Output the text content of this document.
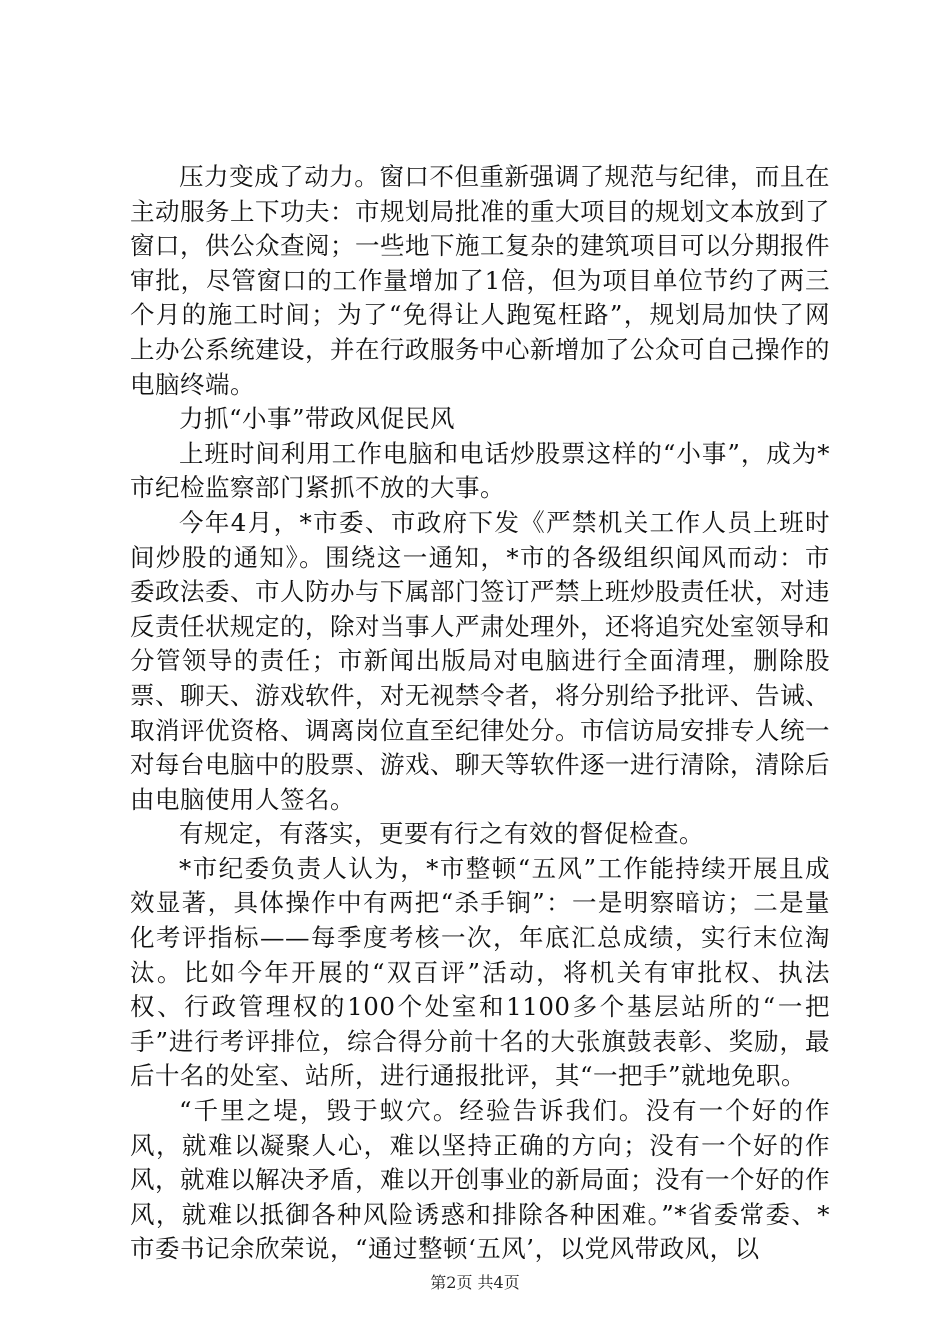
压力变成了动力。窗口不但重新强调了规范与纪律，而且在主动服务上下功夫：市规划局批准的重大项目的规划文本放到了窗口，供公众查阅；一些地下施工复杂的建筑项目可以分期报件审批，尽管窗口的工作量增加了1倍，但为项目单位节约了两三个月的施工时间；为了“免得让人跑冤枉路”，规划局加快了网上办公系统建设，并在行政服务中心新增加了公众可自己操作的电脑终端。

力抓“小事”带政风促民风

上班时间利用工作电脑和电话炒股票这样的“小事”，成为*市纪检监察部门紧抓不放的大事。

今年4月，*市委、市政府下发《严禁机关工作人员上班时间炒股的通知》。围绕这一通知，*市的各级组织闻风而动：市委政法委、市人防办与下属部门签订严禁上班炒股责任状，对违反责任状规定的，除对当事人严肃处理外，还将追究处室领导和分管领导的责任；市新闻出版局对电脑进行全面清理，删除股票、聊天、游戏软件，对无视禁令者，将分别给予批评、告诫、取消评优资格、调离岗位直至纪律处分。市信访局安排专人统一对每台电脑中的股票、游戏、聊天等软件逐一进行清除，清除后由电脑使用人签名。

有规定，有落实，更要有行之有效的督促检查。

*市纪委负责人认为，*市整顿“五风”工作能持续开展且成效显著，具体操作中有两把“杀手锏”：一是明察暗访；二是量化考评指标——每季度考核一次，年底汇总成绩，实行末位淘汰。比如今年开展的“双百评”活动，将机关有审批权、执法权、行政管理权的100个处室和1100多个基层站所的“一把手”进行考评排位，综合得分前十名的大张旗鼓表彰、奖励，最后十名的处室、站所，进行通报批评，其“一把手”就地免职。

“千里之堤，毁于蚁穴。经验告诉我们。没有一个好的作风，就难以凝聚人心，难以坚持正确的方向；没有一个好的作风，就难以解决矛盾，难以开创事业的新局面；没有一个好的作风，就难以抵御各种风险诱惑和排除各种困难。”*省委常委、*市委书记余欣荣说，“通过整顿‘五风’，以党风带政风，以

第2页 共4页
